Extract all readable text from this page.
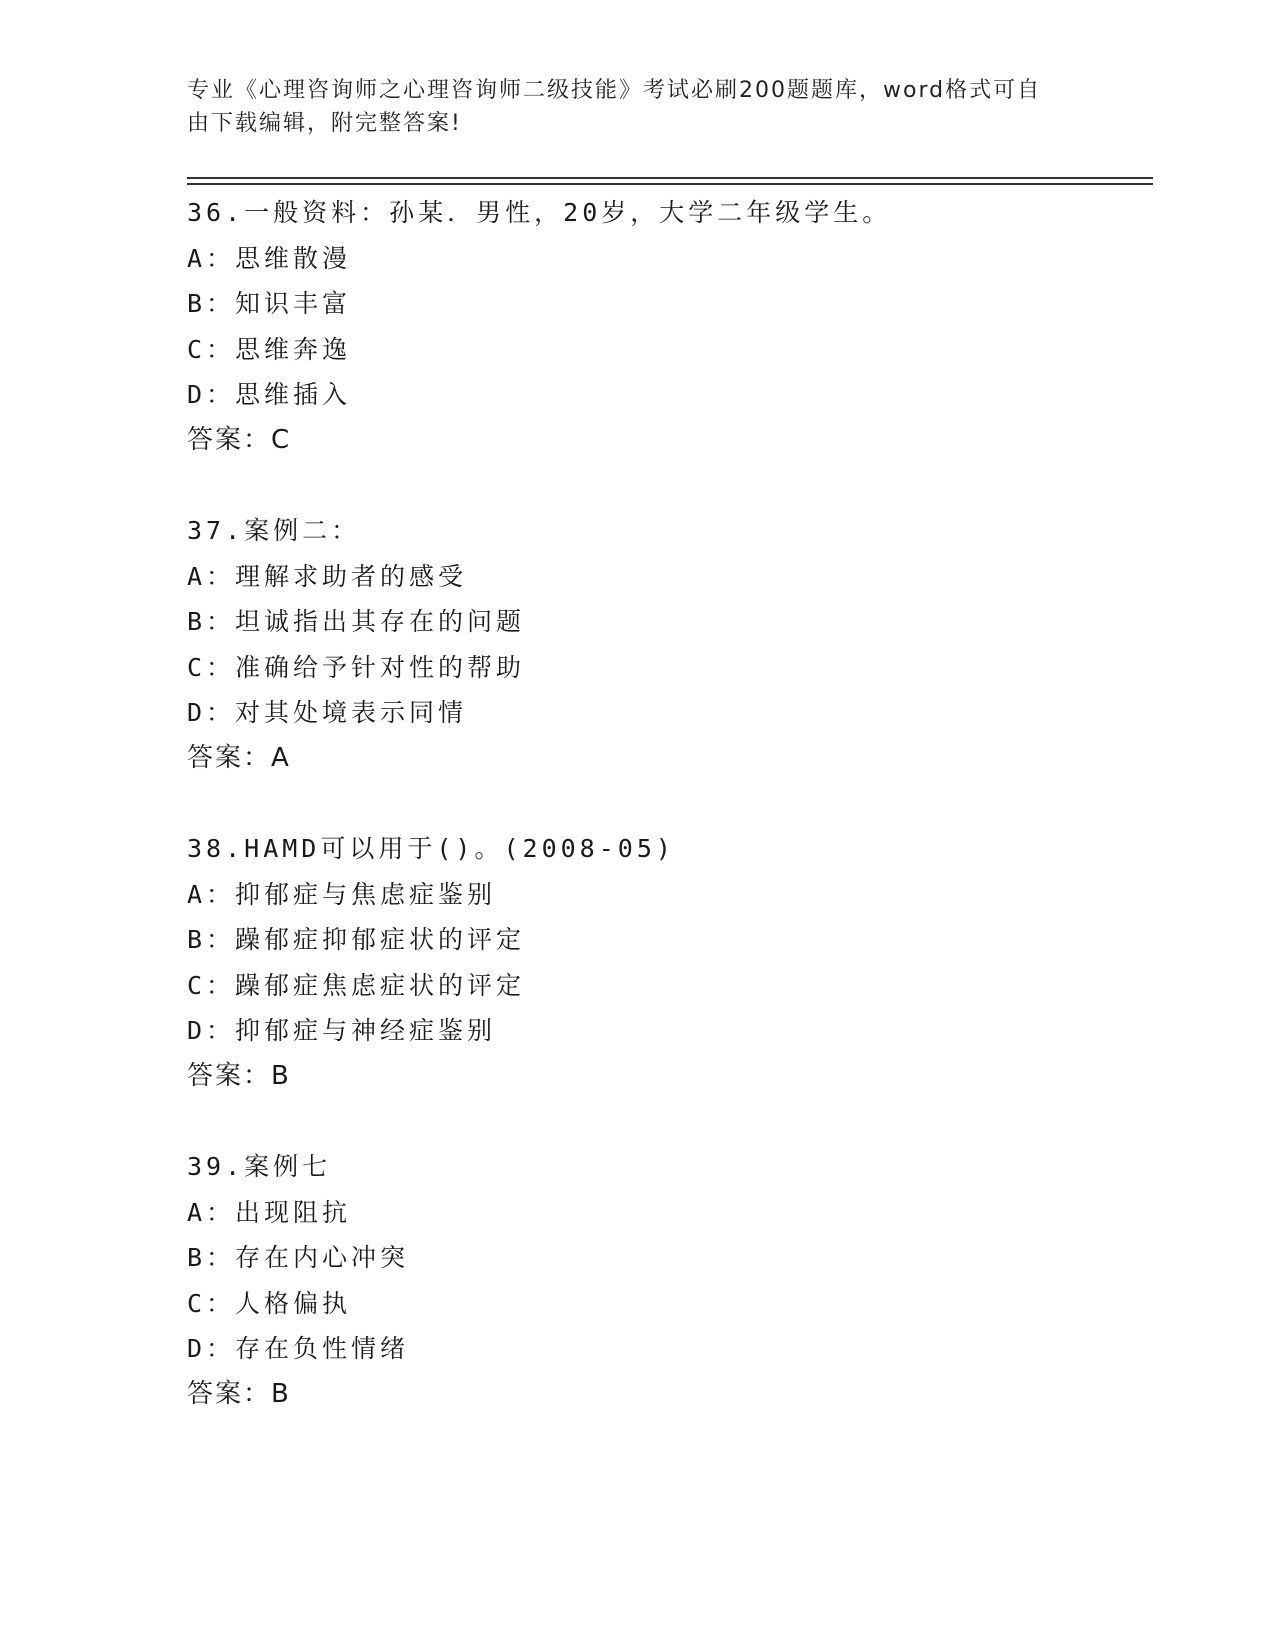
专业《心理咨询师之心理咨询师二级技能》考试必刷200题题库，word格式可自
由下载编辑，附完整答案!
36.一般资料：孙某．男性，20岁，大学二年级学生。
A：思维散漫
B：知识丰富
C：思维奔逸
D：思维插入
答案：C
37.案例二：
A：理解求助者的感受
B：坦诚指出其存在的问题
C：准确给予针对性的帮助
D：对其处境表示同情
答案：A
38.HAMD可以用于()。(2008-05)
A：抑郁症与焦虑症鉴别
B：躁郁症抑郁症状的评定
C：躁郁症焦虑症状的评定
D：抑郁症与神经症鉴别
答案：B
39.案例七
A：出现阻抗
B：存在内心冲突
C：人格偏执
D：存在负性情绪
答案：B
